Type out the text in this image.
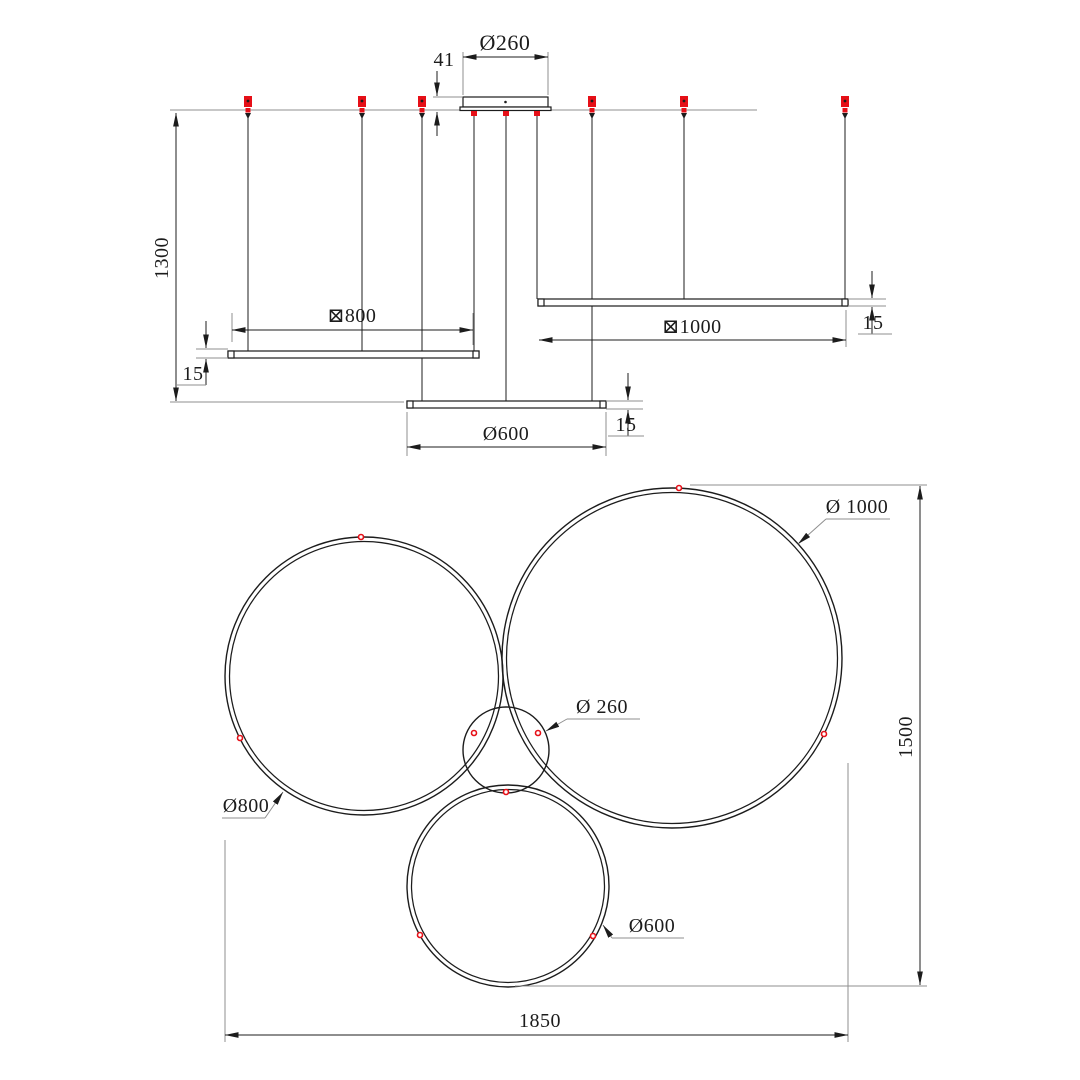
Ø260
41
1300
⊠800	⊠1000
Ø600
15
15
15
Ø 1000
Ø 260
Ø800
Ø600
1850
1500
